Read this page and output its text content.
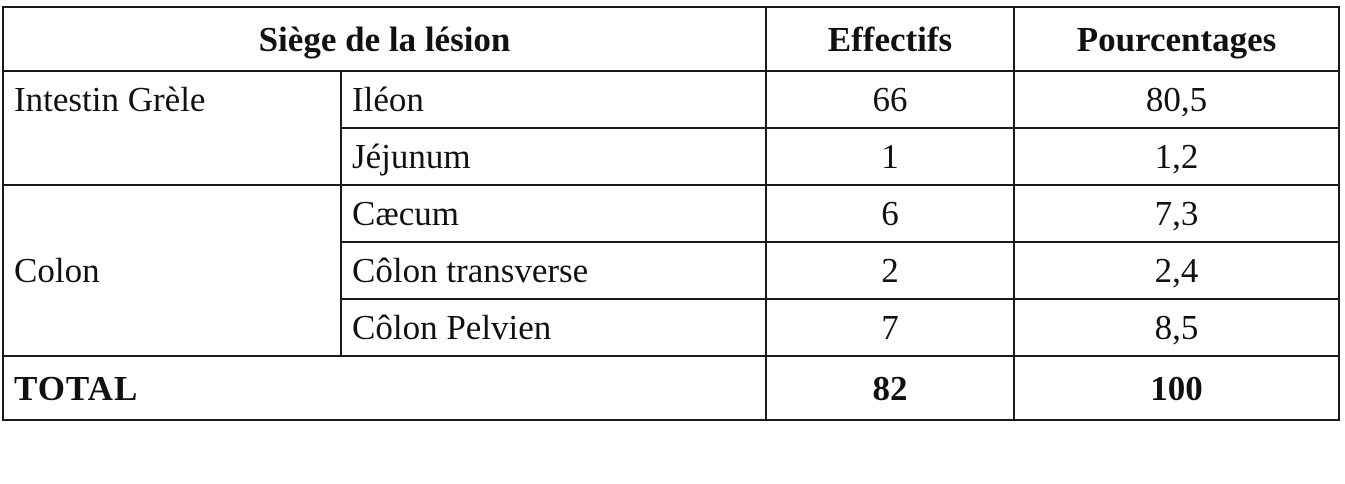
Siège de la lésion		Effectifs	Pourcentages
Intestin Grèle	Iléon	66	80,5
	Jéjunum	1	1,2
Colon	Cæcum	6	7,3
	Côlon transverse	2	2,4
	Côlon Pelvien	7	8,5
TOTAL		82	100
